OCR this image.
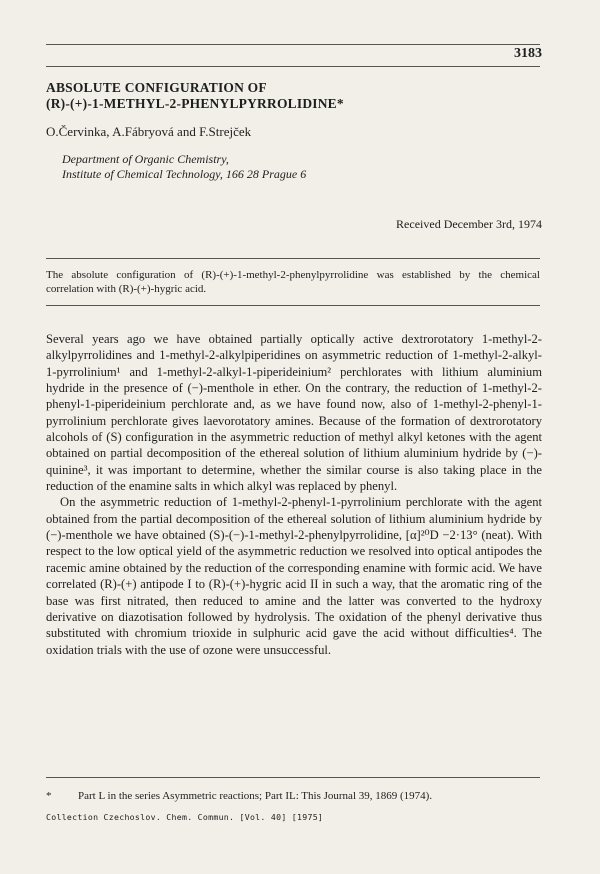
3183
ABSOLUTE CONFIGURATION OF
(R)-(+)-1-METHYL-2-PHENYLPYRROLIDINE*
O.Červinka, A.Fábryová and F.Strejček
Department of Organic Chemistry,
Institute of Chemical Technology, 166 28 Prague 6
Received December 3rd, 1974
The absolute configuration of (R)-(+)-1-methyl-2-phenylpyrrolidine was established by the chemical correlation with (R)-(+)-hygric acid.

Several years ago we have obtained partially optically active dextrorotatory 1-methyl-2-alkylpyrrolidines and 1-methyl-2-alkylpiperidines on asymmetric reduction of 1-methyl-2-alkyl-1-pyrrolinium¹ and 1-methyl-2-alkyl-1-piperideinium² perchlorates with lithium aluminium hydride in the presence of (−)-menthole in ether. On the contrary, the reduction of 1-methyl-2-phenyl-1-piperideinium perchlorate and, as we have found now, also of 1-methyl-2-phenyl-1-pyrrolinium perchlorate gives laevorotatory amines. Because of the formation of dextrorotatory alcohols of (S) configuration in the asymmetric reduction of methyl alkyl ketones with the agent obtained on partial decomposition of the ethereal solution of lithium aluminium hydride by (−)-quinine³, it was important to determine, whether the similar course is also taking place in the reduction of the enamine salts in which alkyl was replaced by phenyl.

On the asymmetric reduction of 1-methyl-2-phenyl-1-pyrrolinium perchlorate with the agent obtained from the partial decomposition of the ethereal solution of lithium aluminium hydride by (−)-menthole we have obtained (S)-(−)-1-methyl-2-phenylpyrrolidine, [α]²⁰D −2·13° (neat). With respect to the low optical yield of the asymmetric reduction we resolved into optical antipodes the racemic amine obtained by the reduction of the corresponding enamine with formic acid. We have correlated (R)-(+) antipode I to (R)-(+)-hygric acid II in such a way, that the aromatic ring of the base was first nitrated, then reduced to amine and the latter was converted to the hydroxy derivative on diazotisation followed by hydrolysis. The oxidation of the phenyl derivative thus substituted with chromium trioxide in sulphuric acid gave the acid without difficulties⁴. The oxidation trials with the use of ozone were unsuccessful.

* Part L in the series Asymmetric reactions; Part IL: This Journal 39, 1869 (1974).
Collection Czechoslov. Chem. Commun. [Vol. 40] [1975]
